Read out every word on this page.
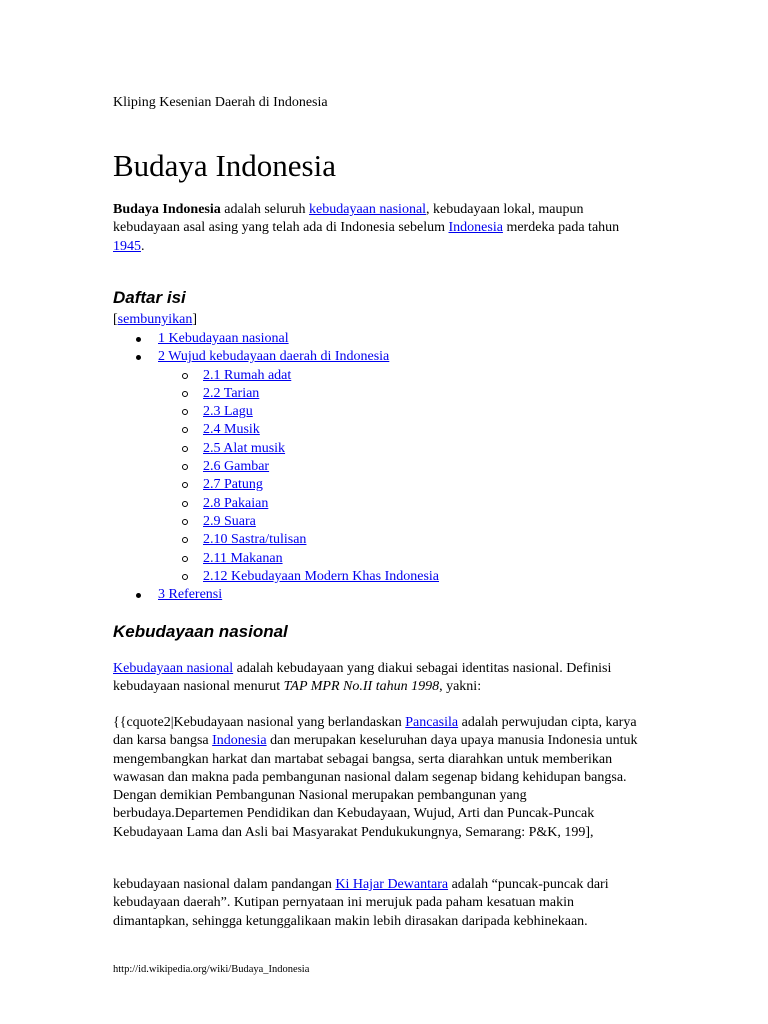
Kliping Kesenian Daerah di Indonesia
Budaya Indonesia

Budaya Indonesia adalah seluruh kebudayaan nasional, kebudayaan lokal, maupun kebudayaan asal asing yang telah ada di Indonesia sebelum Indonesia merdeka pada tahun 1945.

Daftar isi
[sembunyikan]
1 Kebudayaan nasional
2 Wujud kebudayaan daerah di Indonesia
2.1 Rumah adat
2.2 Tarian
2.3 Lagu
2.4 Musik
2.5 Alat musik
2.6 Gambar
2.7 Patung
2.8 Pakaian
2.9 Suara
2.10 Sastra/tulisan
2.11 Makanan
2.12 Kebudayaan Modern Khas Indonesia
3 Referensi
Kebudayaan nasional

Kebudayaan nasional adalah kebudayaan yang diakui sebagai identitas nasional. Definisi kebudayaan nasional menurut TAP MPR No.II tahun 1998, yakni:

{{cquote2|Kebudayaan nasional yang berlandaskan Pancasila adalah perwujudan cipta, karya dan karsa bangsa Indonesia dan merupakan keseluruhan daya upaya manusia Indonesia untuk mengembangkan harkat dan martabat sebagai bangsa, serta diarahkan untuk memberikan wawasan dan makna pada pembangunan nasional dalam segenap bidang kehidupan bangsa. Dengan demikian Pembangunan Nasional merupakan pembangunan yang berbudaya.Departemen Pendidikan dan Kebudayaan, Wujud, Arti dan Puncak-Puncak Kebudayaan Lama dan Asli bai Masyarakat Pendukukungnya, Semarang: P&K, 199],

kebudayaan nasional dalam pandangan Ki Hajar Dewantara adalah “puncak-puncak dari kebudayaan daerah”. Kutipan pernyataan ini merujuk pada paham kesatuan makin dimantapkan, sehingga ketunggalikaan makin lebih dirasakan daripada kebhinekaan.

http://id.wikipedia.org/wiki/Budaya_Indonesia
